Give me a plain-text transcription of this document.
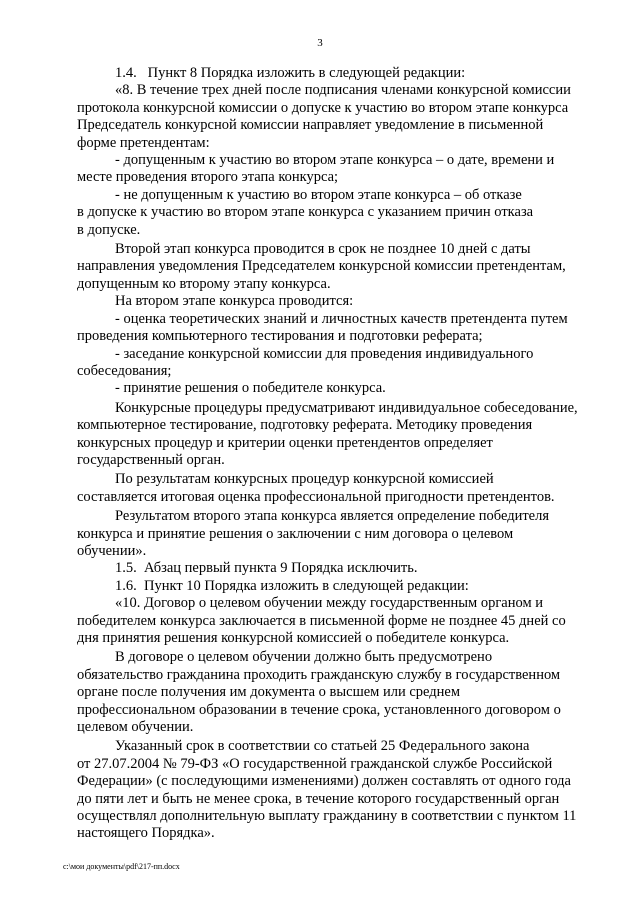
3

1.4.   Пункт 8 Порядка изложить в следующей редакции:

«8. В течение трех дней после подписания членами конкурсной комиссии
протокола конкурсной комиссии о допуске к участию во втором этапе конкурса
Председатель конкурсной комиссии направляет уведомление в письменной
форме претендентам:

- допущенным к участию во втором этапе конкурса – о дате, времени и
месте проведения второго этапа конкурса;

- не допущенным к участию во втором этапе конкурса – об отказе
в допуске к участию во втором этапе конкурса с указанием причин отказа
в допуске.

Второй этап конкурса проводится в срок не позднее 10 дней с даты
направления уведомления Председателем конкурсной комиссии претендентам,
допущенным ко второму этапу конкурса.

На втором этапе конкурса проводится:

- оценка теоретических знаний и личностных качеств претендента путем
проведения компьютерного тестирования и подготовки реферата;

- заседание конкурсной комиссии для проведения индивидуального
собеседования;

- принятие решения о победителе конкурса.

Конкурсные процедуры предусматривают индивидуальное собеседование,
компьютерное тестирование, подготовку реферата. Методику проведения
конкурсных процедур и критерии оценки претендентов определяет
государственный орган.

По результатам конкурсных процедур конкурсной комиссией
составляется итоговая оценка профессиональной пригодности претендентов.

Результатом второго этапа конкурса является определение победителя
конкурса и принятие решения о заключении с ним договора о целевом
обучении».

1.5.  Абзац первый пункта 9 Порядка исключить.

1.6.  Пункт 10 Порядка изложить в следующей редакции:

«10. Договор о целевом обучении между государственным органом и
победителем конкурса заключается в письменной форме не позднее 45 дней со
дня принятия решения конкурсной комиссией о победителе конкурса.

В договоре о целевом обучении должно быть предусмотрено
обязательство гражданина проходить гражданскую службу в государственном
органе после получения им документа о высшем или среднем
профессиональном образовании в течение срока, установленного договором о
целевом обучении.

Указанный срок в соответствии со статьей 25 Федерального закона
от 27.07.2004 № 79-ФЗ «О государственной гражданской службе Российской
Федерации» (с последующими изменениями) должен составлять от одного года
до пяти лет и быть не менее срока, в течение которого государственный орган
осуществлял дополнительную выплату гражданину в соответствии с пунктом 11
настоящего Порядка».

c:\мои документы\pdf\217-пп.docx
